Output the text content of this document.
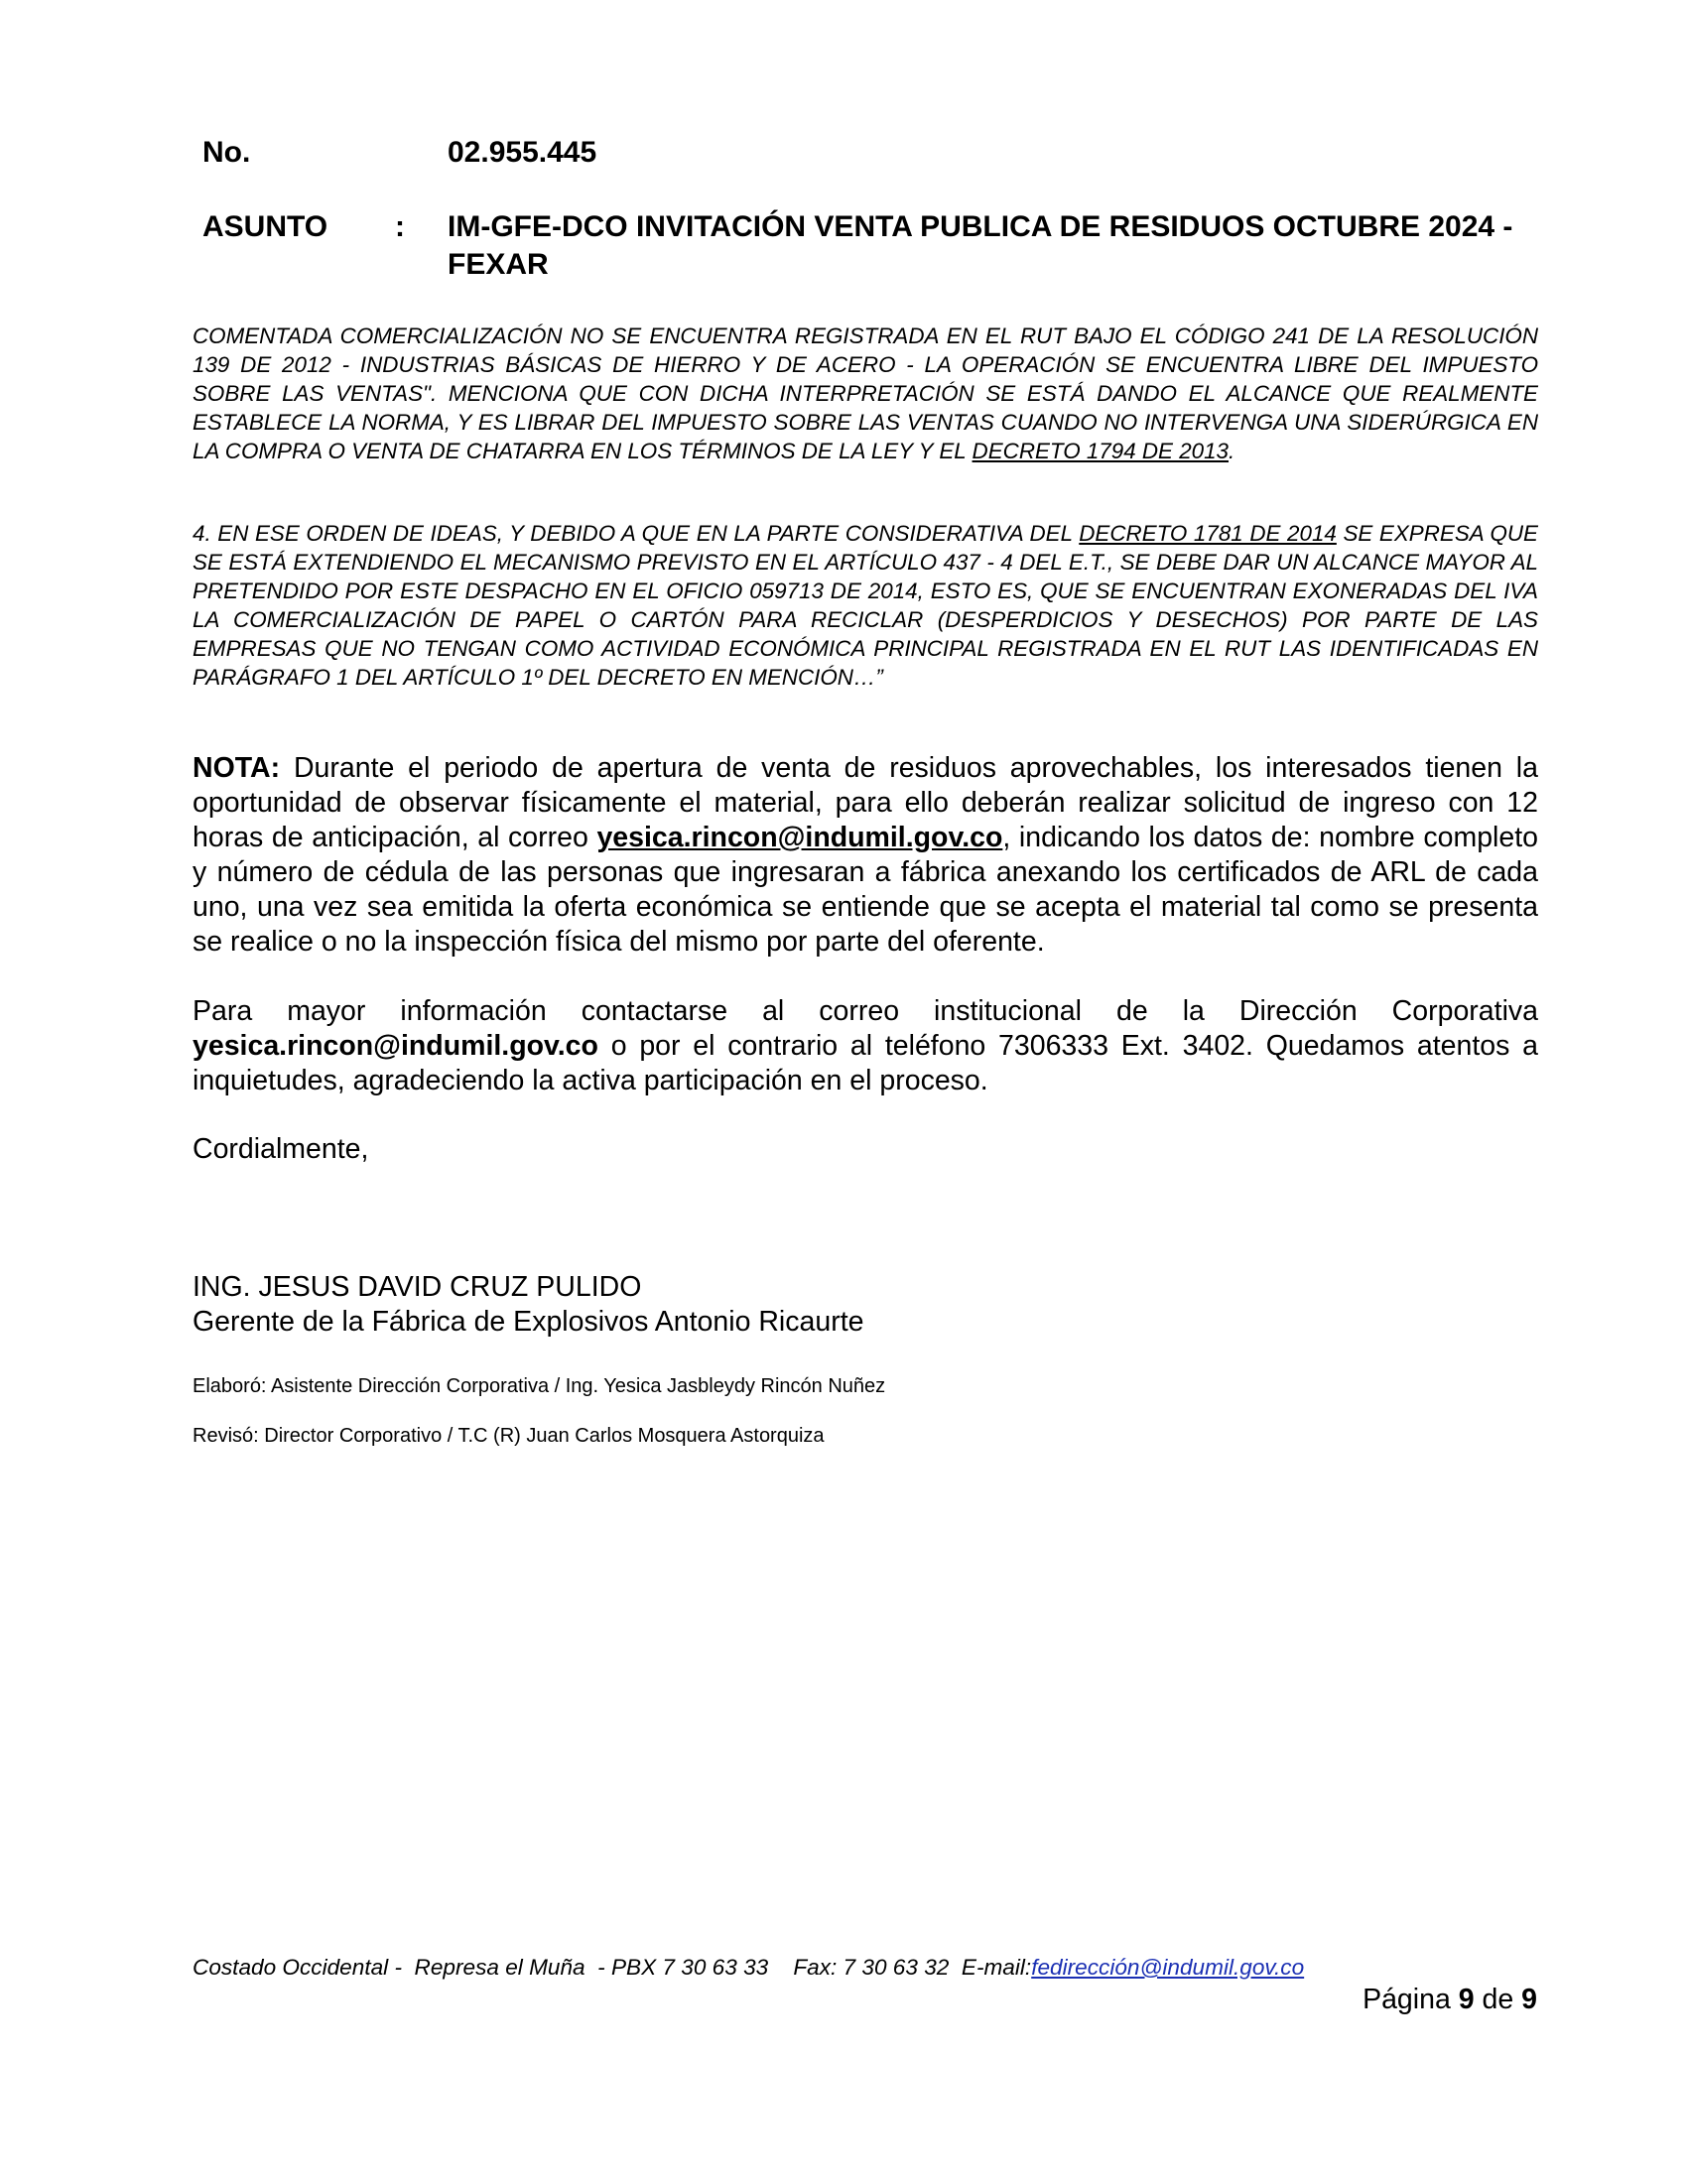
No.	02.955.445
ASUNTO : IM-GFE-DCO INVITACIÓN VENTA PUBLICA DE RESIDUOS OCTUBRE 2024 - FEXAR
COMENTADA COMERCIALIZACIÓN NO SE ENCUENTRA REGISTRADA EN EL RUT BAJO EL CÓDIGO 241 DE LA RESOLUCIÓN 139 DE 2012 - INDUSTRIAS BÁSICAS DE HIERRO Y DE ACERO - LA OPERACIÓN SE ENCUENTRA LIBRE DEL IMPUESTO SOBRE LAS VENTAS". MENCIONA QUE CON DICHA INTERPRETACIÓN SE ESTÁ DANDO EL ALCANCE QUE REALMENTE ESTABLECE LA NORMA, Y ES LIBRAR DEL IMPUESTO SOBRE LAS VENTAS CUANDO NO INTERVENGA UNA SIDERÚRGICA EN LA COMPRA O VENTA DE CHATARRA EN LOS TÉRMINOS DE LA LEY Y EL DECRETO 1794 DE 2013.
4. EN ESE ORDEN DE IDEAS, Y DEBIDO A QUE EN LA PARTE CONSIDERATIVA DEL DECRETO 1781 DE 2014 SE EXPRESA QUE SE ESTÁ EXTENDIENDO EL MECANISMO PREVISTO EN EL ARTÍCULO 437 - 4 DEL E.T., SE DEBE DAR UN ALCANCE MAYOR AL PRETENDIDO POR ESTE DESPACHO EN EL OFICIO 059713 DE 2014, ESTO ES, QUE SE ENCUENTRAN EXONERADAS DEL IVA LA COMERCIALIZACIÓN DE PAPEL O CARTÓN PARA RECICLAR (DESPERDICIOS Y DESECHOS) POR PARTE DE LAS EMPRESAS QUE NO TENGAN COMO ACTIVIDAD ECONÓMICA PRINCIPAL REGISTRADA EN EL RUT LAS IDENTIFICADAS EN PARÁGRAFO 1 DEL ARTÍCULO 1º DEL DECRETO EN MENCIÓN…”
NOTA: Durante el periodo de apertura de venta de residuos aprovechables, los interesados tienen la oportunidad de observar físicamente el material, para ello deberán realizar solicitud de ingreso con 12 horas de anticipación, al correo yesica.rincon@indumil.gov.co, indicando los datos de: nombre completo y número de cédula de las personas que ingresaran a fábrica anexando los certificados de ARL de cada uno, una vez sea emitida la oferta económica se entiende que se acepta el material tal como se presenta se realice o no la inspección física del mismo por parte del oferente.
Para mayor información contactarse al correo institucional de la Dirección Corporativa yesica.rincon@indumil.gov.co o por el contrario al teléfono 7306333 Ext. 3402. Quedamos atentos a inquietudes, agradeciendo la activa participación en el proceso.
Cordialmente,
ING. JESUS DAVID CRUZ PULIDO
Gerente de la Fábrica de Explosivos Antonio Ricaurte
Elaboró: Asistente Dirección Corporativa / Ing. Yesica Jasbleydy Rincón Nuñez
Revisó: Director Corporativo / T.C (R) Juan Carlos Mosquera Astorquiza
Costado Occidental -  Represa el Muña  - PBX 7 30 63 33    Fax: 7 30 63 32  E-mail:fedirección@indumil.gov.co
Página 9 de 9
